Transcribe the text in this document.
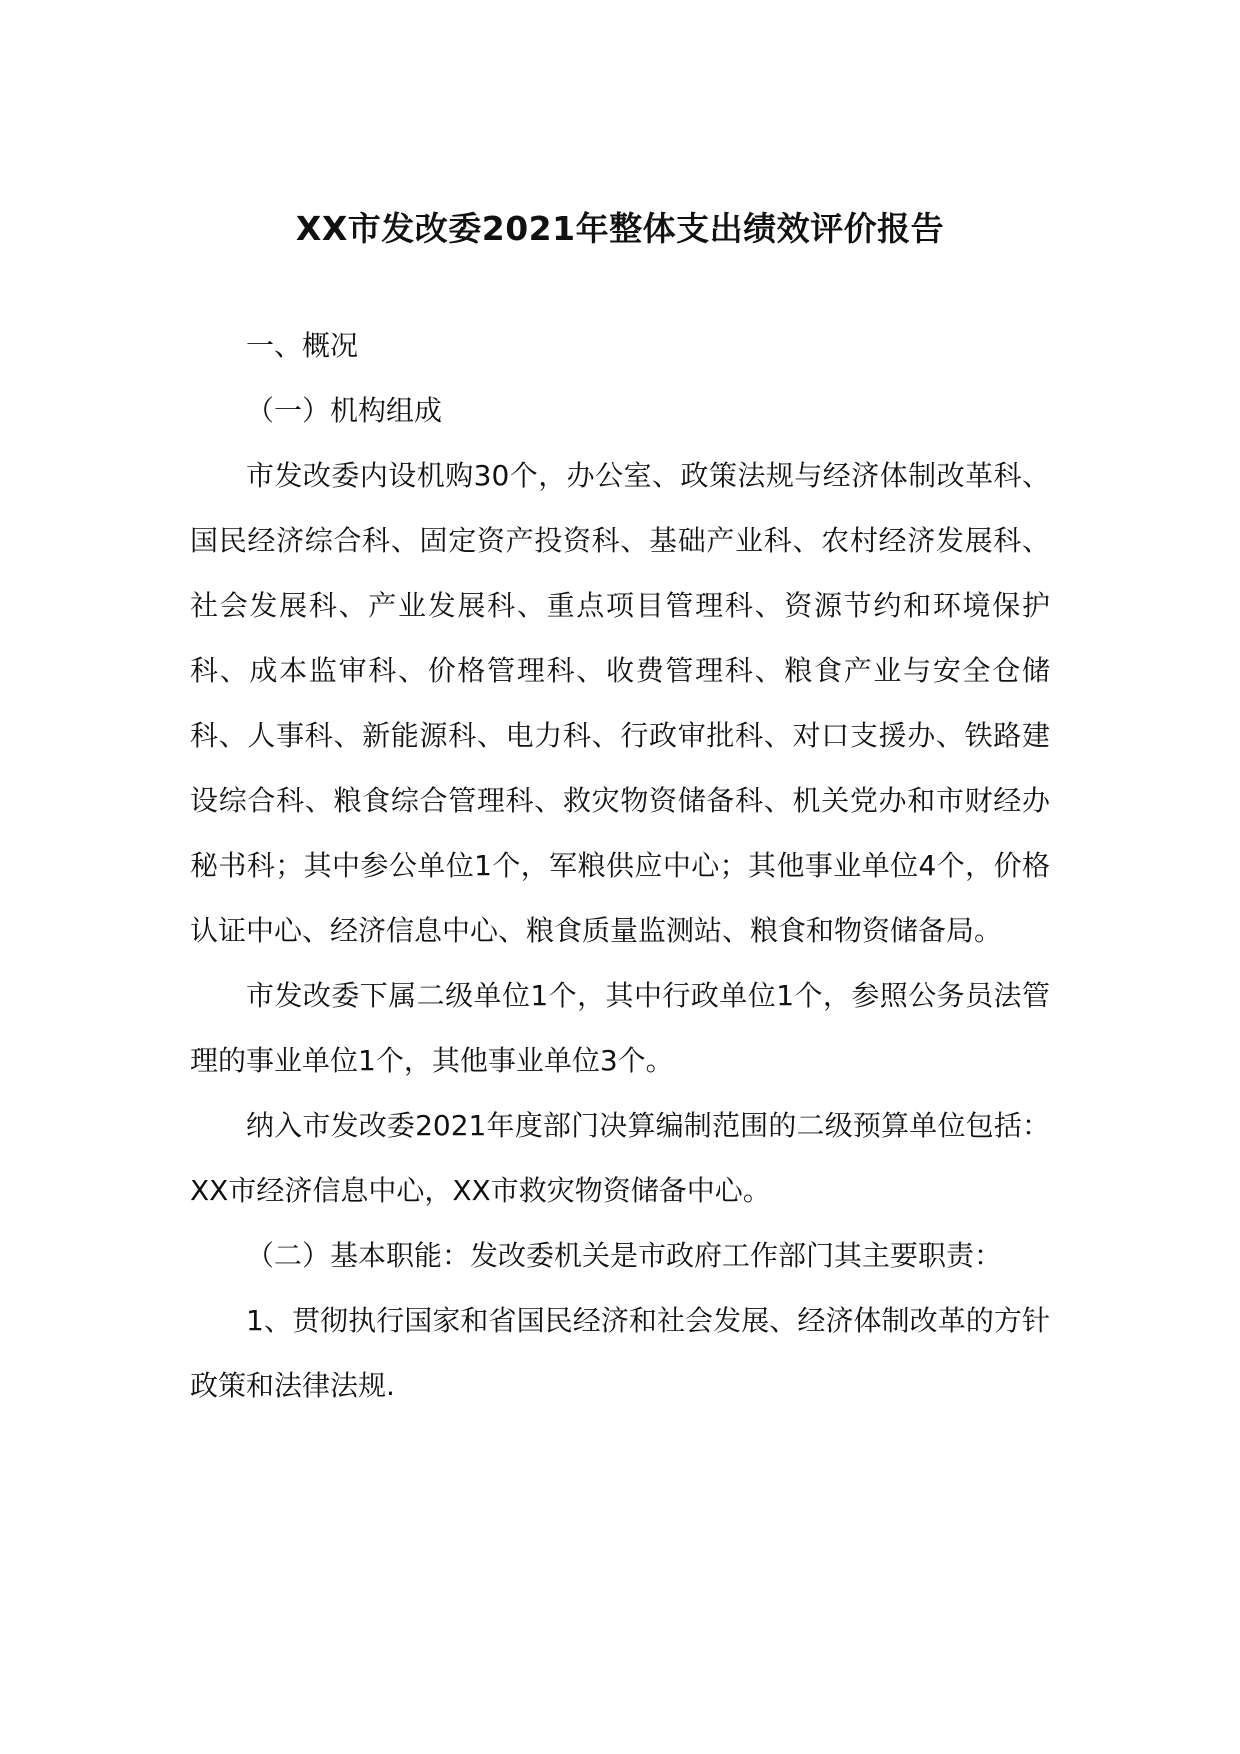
XX市发改委2021年整体支出绩效评价报告

一、概况

（一）机构组成

市发改委内设机购30个，办公室、政策法规与经济体制改革科、国民经济综合科、固定资产投资科、基础产业科、农村经济发展科、社会发展科、产业发展科、重点项目管理科、资源节约和环境保护科、成本监审科、价格管理科、收费管理科、粮食产业与安全仓储科、人事科、新能源科、电力科、行政审批科、对口支援办、铁路建设综合科、粮食综合管理科、救灾物资储备科、机关党办和市财经办秘书科；其中参公单位1个，军粮供应中心；其他事业单位4个，价格认证中心、经济信息中心、粮食质量监测站、粮食和物资储备局。

市发改委下属二级单位1个，其中行政单位1个，参照公务员法管理的事业单位1个，其他事业单位3个。

纳入市发改委2021年度部门决算编制范围的二级预算单位包括：XX市经济信息中心，XX市救灾物资储备中心。

（二）基本职能：发改委机关是市政府工作部门其主要职责：

1、贯彻执行国家和省国民经济和社会发展、经济体制改革的方针政策和法律法规.
